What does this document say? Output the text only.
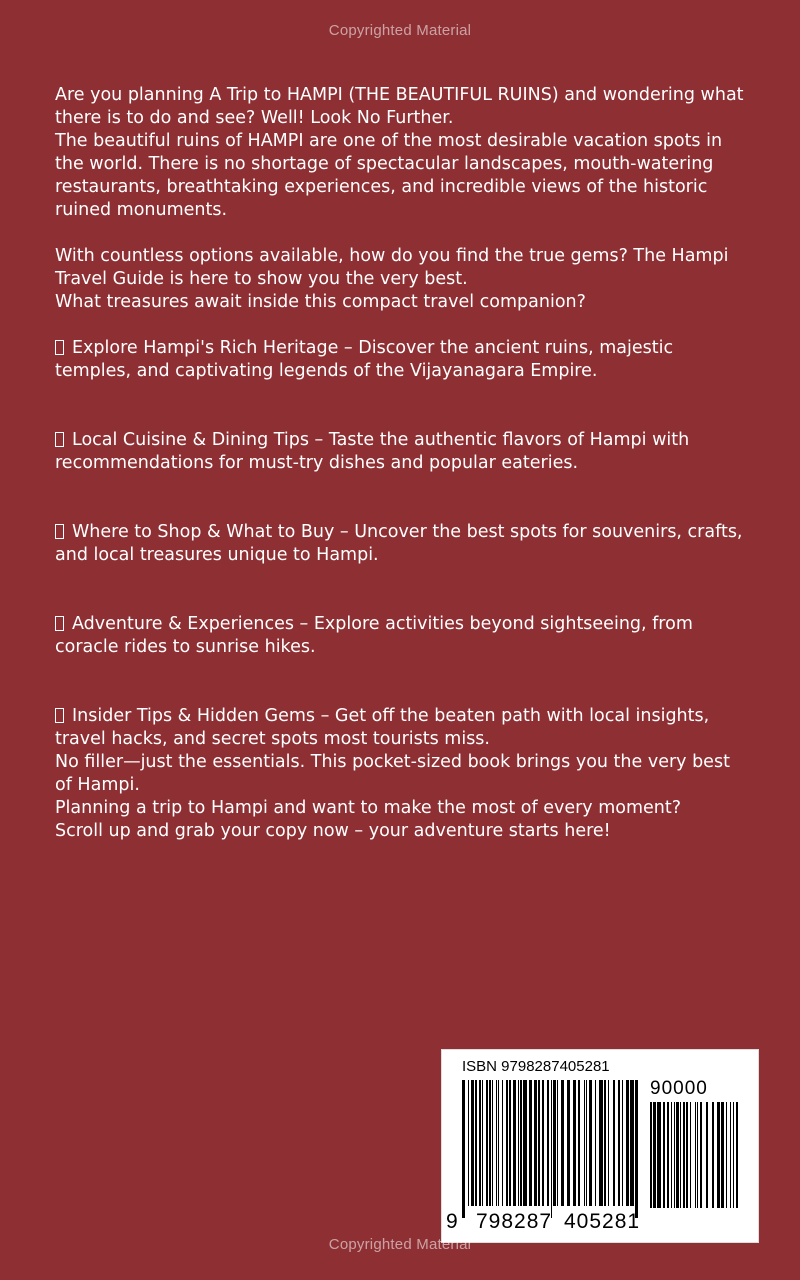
Copyrighted Material

Are you planning A Trip to HAMPI (THE BEAUTIFUL RUINS) and wondering what there is to do and see? Well! Look No Further.

The beautiful ruins of HAMPI are one of the most desirable vacation spots in the world. There is no shortage of spectacular landscapes, mouth-watering restaurants, breathtaking experiences, and incredible views of the historic ruined monuments.

With countless options available, how do you find the true gems? The Hampi Travel Guide is here to show you the very best.

What treasures await inside this compact travel companion?

Explore Hampi's Rich Heritage – Discover the ancient ruins, majestic temples, and captivating legends of the Vijayanagara Empire.

Local Cuisine & Dining Tips – Taste the authentic flavors of Hampi with recommendations for must-try dishes and popular eateries.

Where to Shop & What to Buy – Uncover the best spots for souvenirs, crafts, and local treasures unique to Hampi.

Adventure & Experiences – Explore activities beyond sightseeing, from coracle rides to sunrise hikes.

Insider Tips & Hidden Gems – Get off the beaten path with local insights, travel hacks, and secret spots most tourists miss.

No filler—just the essentials. This pocket-sized book brings you the very best of Hampi.

Planning a trip to Hampi and want to make the most of every moment?

Scroll up and grab your copy now – your adventure starts here!

ISBN 9798287405281
90000
9 798287 405281
Copyrighted Material
